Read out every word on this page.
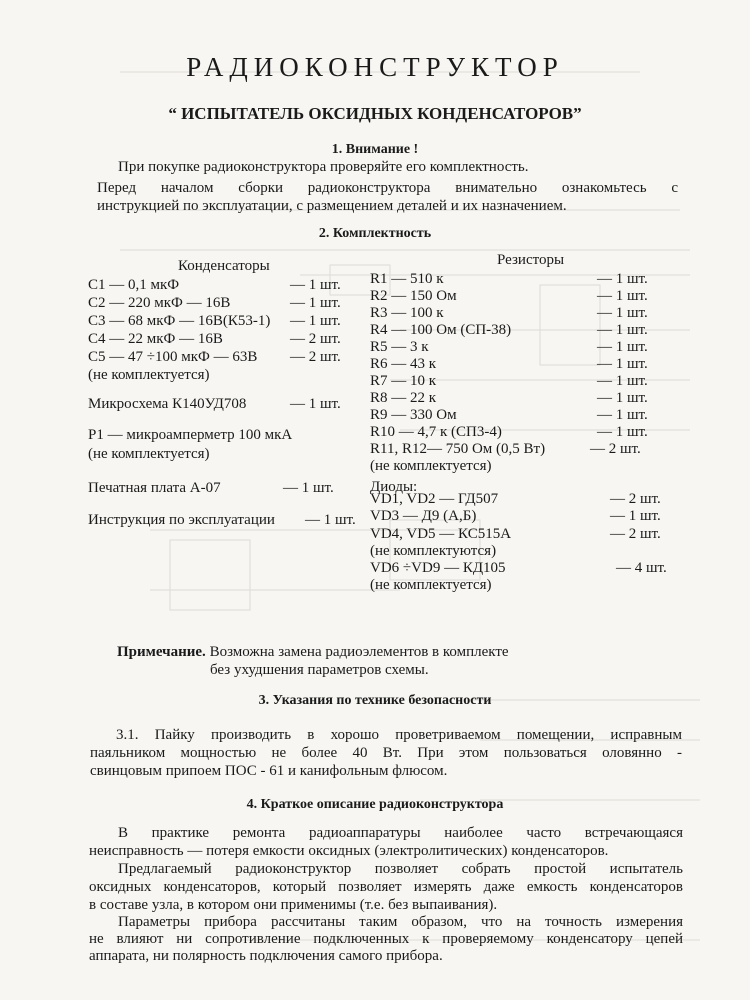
РАДИОКОНСТРУКТОР
“ ИСПЫТАТЕЛЬ ОКСИДНЫХ КОНДЕНСАТОРОВ”
1. Внимание !
При покупке радиоконструктора проверяйте его комплектность.
Перед началом сборки радиоконструктора внимательно ознакомьтесь с
инструкцией по эксплуатации, с размещением деталей и их назначением.
2. Комплектность
Конденсаторы	Резисторы
С1 — 0,1 мкФ	— 1 шт.
С2 — 220 мкФ — 16В	— 1 шт.
С3 — 68 мкФ — 16В(К53-1) — 1 шт.
С4 — 22 мкФ — 16В	— 2 шт.
С5 — 47 ÷100 мкФ — 63В — 2 шт.
(не комплектуется)
Микросхема К140УД708	— 1 шт.
Р1 — микроамперметр 100 мкА
(не комплектуется)
Печатная плата А-07	— 1 шт.
Инструкция по эксплуатации — 1 шт.
R1 — 510 к	— 1 шт.
R2 — 150 Ом	— 1 шт.
R3 — 100 к	— 1 шт.
R4 — 100 Ом (СП-38)	— 1 шт.
R5 — 3 к	— 1 шт.
R6 — 43 к	— 1 шт.
R7 — 10 к	— 1 шт.
R8 — 22 к	— 1 шт.
R9 — 330 Ом	— 1 шт.
R10 — 4,7 к (СП3-4)	— 1 шт.
R11, R12— 750 Ом (0,5 Вт)	— 2 шт.
(не комплектуется)
Диоды:
VD1, VD2 — ГД507	— 2 шт.
VD3 — Д9 (А,Б)	— 1 шт.
VD4, VD5 — КС515А	— 2 шт.
(не комплектуются)
VD6 ÷VD9 — КД105	— 4 шт.
(не комплектуется)
Примечание. Возможна замена радиоэлементов в комплекте
без ухудшения параметров схемы.
3. Указания по технике безопасности
3.1. Пайку производить в хорошо проветриваемом помещении, исправным
паяльником мощностью не более 40 Вт. При этом пользоваться оловянно -
свинцовым припоем ПОС - 61 и канифольным флюсом.
4. Краткое описание радиоконструктора
В практике ремонта радиоаппаратуры наиболее часто встречающаяся
неисправность — потеря емкости оксидных (электролитических) конденсаторов.
Предлагаемый радиоконструктор позволяет собрать простой испытатель
оксидных конденсаторов, который позволяет измерять даже емкость конденсаторов
в составе узла, в котором они применимы (т.е. без выпаивания).
Параметры прибора рассчитаны таким образом, что на точность измерения
не влияют ни сопротивление подключенных к проверяемому конденсатору цепей
аппарата, ни полярность подключения самого прибора.
